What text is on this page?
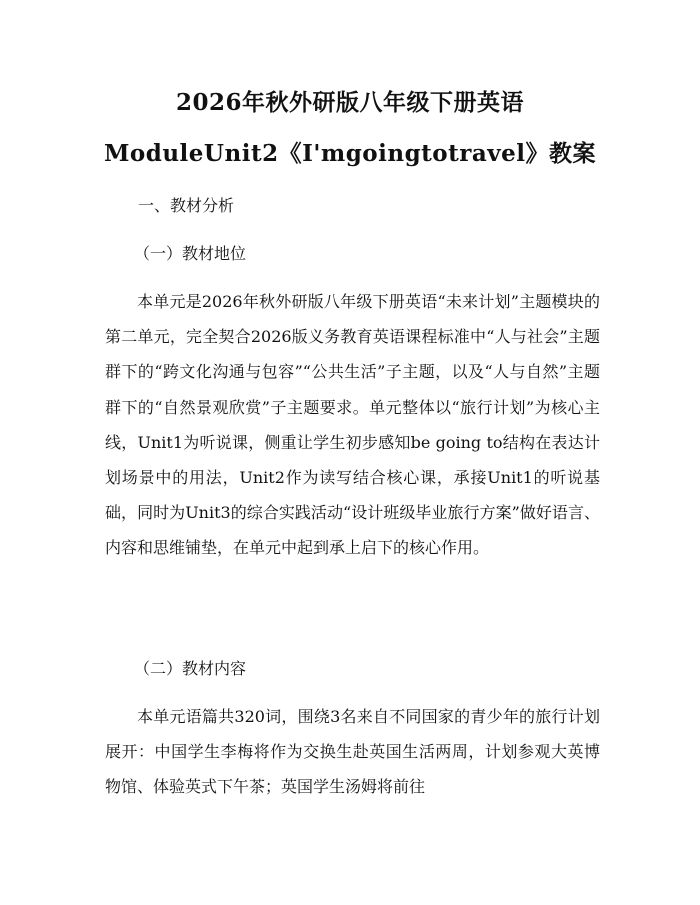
2026年秋外研版八年级下册英语
ModuleUnit2《I'mgoingtotravel》教案
一、教材分析
（一）教材地位

本单元是2026年秋外研版八年级下册英语“未来计划”主题模块的第二单元，完全契合2026版义务教育英语课程标准中“人与社会”主题群下的“跨文化沟通与包容”“公共生活”子主题，以及“人与自然”主题群下的“自然景观欣赏”子主题要求。单元整体以“旅行计划”为核心主线，Unit1为听说课，侧重让学生初步感知be going to结构在表达计划场景中的用法，Unit2作为读写结合核心课，承接Unit1的听说基础，同时为Unit3的综合实践活动“设计班级毕业旅行方案”做好语言、内容和思维铺垫，在单元中起到承上启下的核心作用。

（二）教材内容

本单元语篇共320词，围绕3名来自不同国家的青少年的旅行计划展开：中国学生李梅将作为交换生赴英国生活两周，计划参观大英博物馆、体验英式下午茶；英国学生汤姆将前往
